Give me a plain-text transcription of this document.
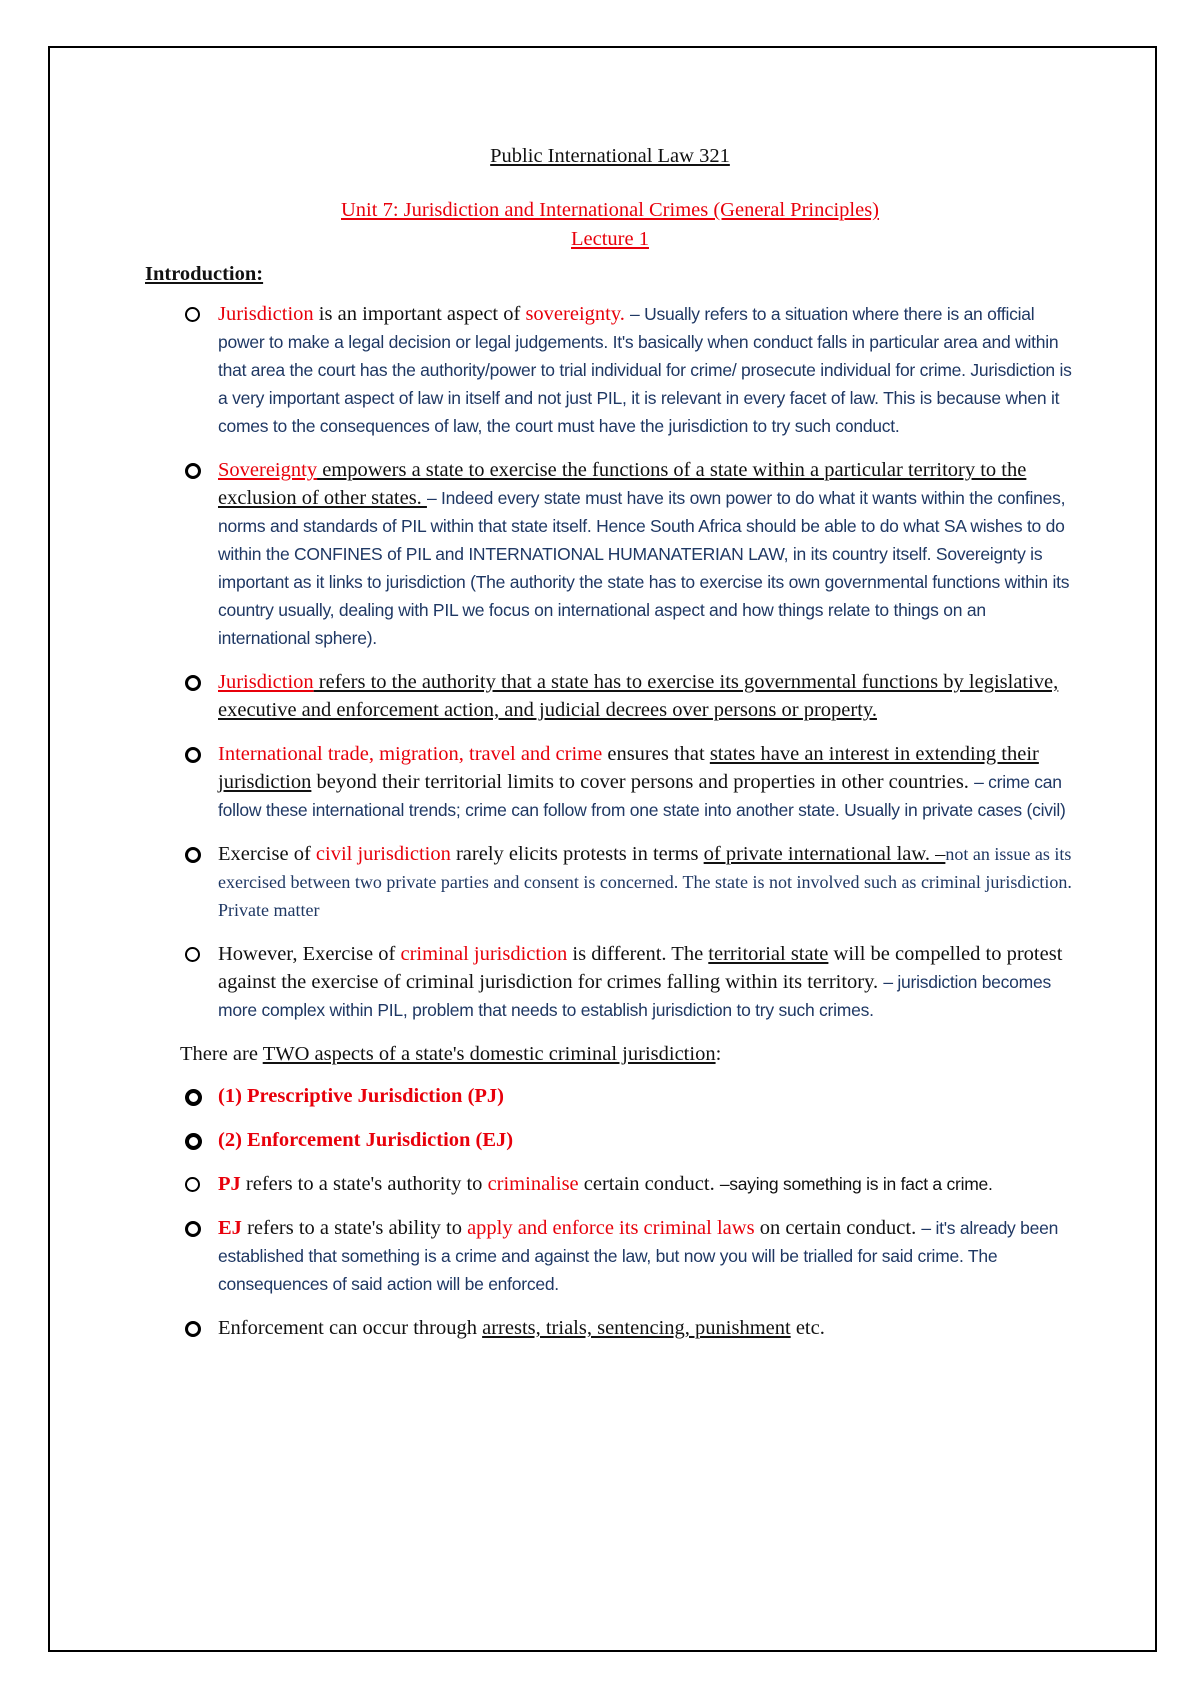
Public International Law 321
Unit 7: Jurisdiction and International Crimes (General Principles)
Lecture 1
Introduction:
Jurisdiction is an important aspect of sovereignty. – Usually refers to a situation where there is an official power to make a legal decision or legal judgements. It's basically when conduct falls in particular area and within that area the court has the authority/power to trial individual for crime/ prosecute individual for crime. Jurisdiction is a very important aspect of law in itself and not just PIL, it is relevant in every facet of law. This is because when it comes to the consequences of law, the court must have the jurisdiction to try such conduct.
Sovereignty empowers a state to exercise the functions of a state within a particular territory to the exclusion of other states. – Indeed every state must have its own power to do what it wants within the confines, norms and standards of PIL within that state itself. Hence South Africa should be able to do what SA wishes to do within the CONFINES of PIL and INTERNATIONAL HUMANATERIAN LAW, in its country itself. Sovereignty is important as it links to jurisdiction (The authority the state has to exercise its own governmental functions within its country usually, dealing with PIL we focus on international aspect and how things relate to things on an international sphere).
Jurisdiction refers to the authority that a state has to exercise its governmental functions by legislative, executive and enforcement action, and judicial decrees over persons or property.
International trade, migration, travel and crime ensures that states have an interest in extending their jurisdiction beyond their territorial limits to cover persons and properties in other countries. – crime can follow these international trends; crime can follow from one state into another state. Usually in private cases (civil)
Exercise of civil jurisdiction rarely elicits protests in terms of private international law. –not an issue as its exercised between two private parties and consent is concerned. The state is not involved such as criminal jurisdiction. Private matter
However, Exercise of criminal jurisdiction is different. The territorial state will be compelled to protest against the exercise of criminal jurisdiction for crimes falling within its territory. – jurisdiction becomes more complex within PIL, problem that needs to establish jurisdiction to try such crimes.
There are TWO aspects of a state's domestic criminal jurisdiction:
(1) Prescriptive Jurisdiction (PJ)
(2) Enforcement Jurisdiction (EJ)
PJ refers to a state's authority to criminalise certain conduct. –saying something is in fact a crime.
EJ refers to a state's ability to apply and enforce its criminal laws on certain conduct. – it's already been established that something is a crime and against the law, but now you will be trialled for said crime. The consequences of said action will be enforced.
Enforcement can occur through arrests, trials, sentencing, punishment etc.
